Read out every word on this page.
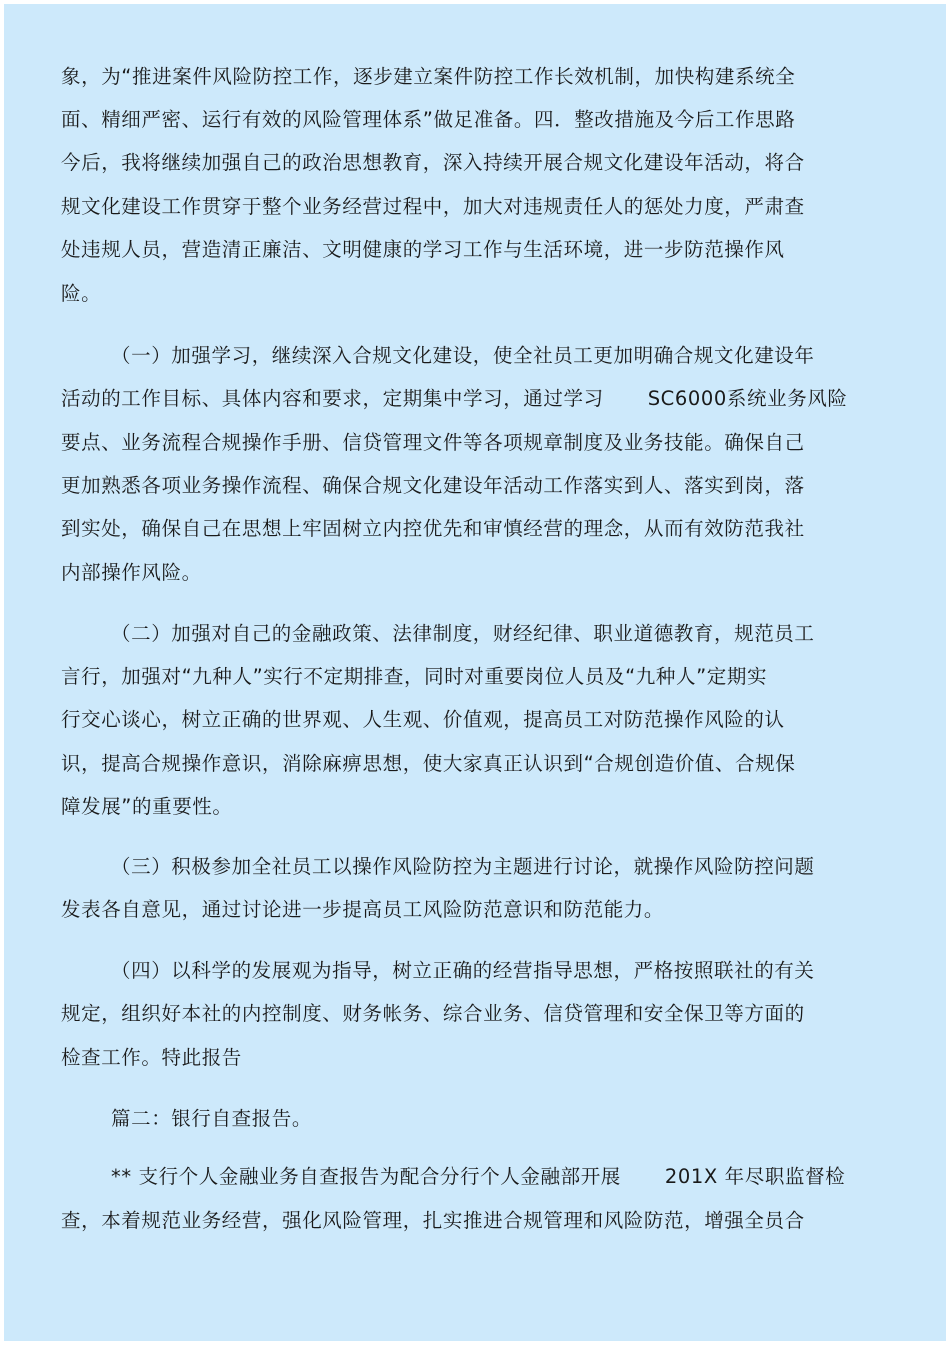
象，为“推进案件风险防控工作，逐步建立案件防控工作长效机制，加快构建系统全

面、精细严密、运行有效的风险管理体系”做足准备。四．整改措施及今后工作思路

今后，我将继续加强自己的政治思想教育，深入持续开展合规文化建设年活动，将合

规文化建设工作贯穿于整个业务经营过程中，加大对违规责任人的惩处力度，严肃查

处违规人员，营造清正廉洁、文明健康的学习工作与生活环境，进一步防范操作风

险。

（一）加强学习，继续深入合规文化建设，使全社员工更加明确合规文化建设年

活动的工作目标、具体内容和要求，定期集中学习，通过学习 SC6000系统业务风险

要点、业务流程合规操作手册、信贷管理文件等各项规章制度及业务技能。确保自己

更加熟悉各项业务操作流程、确保合规文化建设年活动工作落实到人、落实到岗，落

到实处，确保自己在思想上牢固树立内控优先和审慎经营的理念，从而有效防范我社

内部操作风险。

（二）加强对自己的金融政策、法律制度，财经纪律、职业道德教育，规范员工

言行，加强对“九种人”实行不定期排查，同时对重要岗位人员及“九种人”定期实

行交心谈心，树立正确的世界观、人生观、价值观，提高员工对防范操作风险的认

识，提高合规操作意识，消除麻痹思想，使大家真正认识到“合规创造价值、合规保

障发展”的重要性。

（三）积极参加全社员工以操作风险防控为主题进行讨论，就操作风险防控问题

发表各自意见，通过讨论进一步提高员工风险防范意识和防范能力。

（四）以科学的发展观为指导，树立正确的经营指导思想，严格按照联社的有关

规定，组织好本社的内控制度、财务帐务、综合业务、信贷管理和安全保卫等方面的

检查工作。特此报告

篇二：银行自查报告。

** 支行个人金融业务自查报告为配合分行个人金融部开展 201X 年尽职监督检

查，本着规范业务经营，强化风险管理，扎实推进合规管理和风险防范，增强全员合
